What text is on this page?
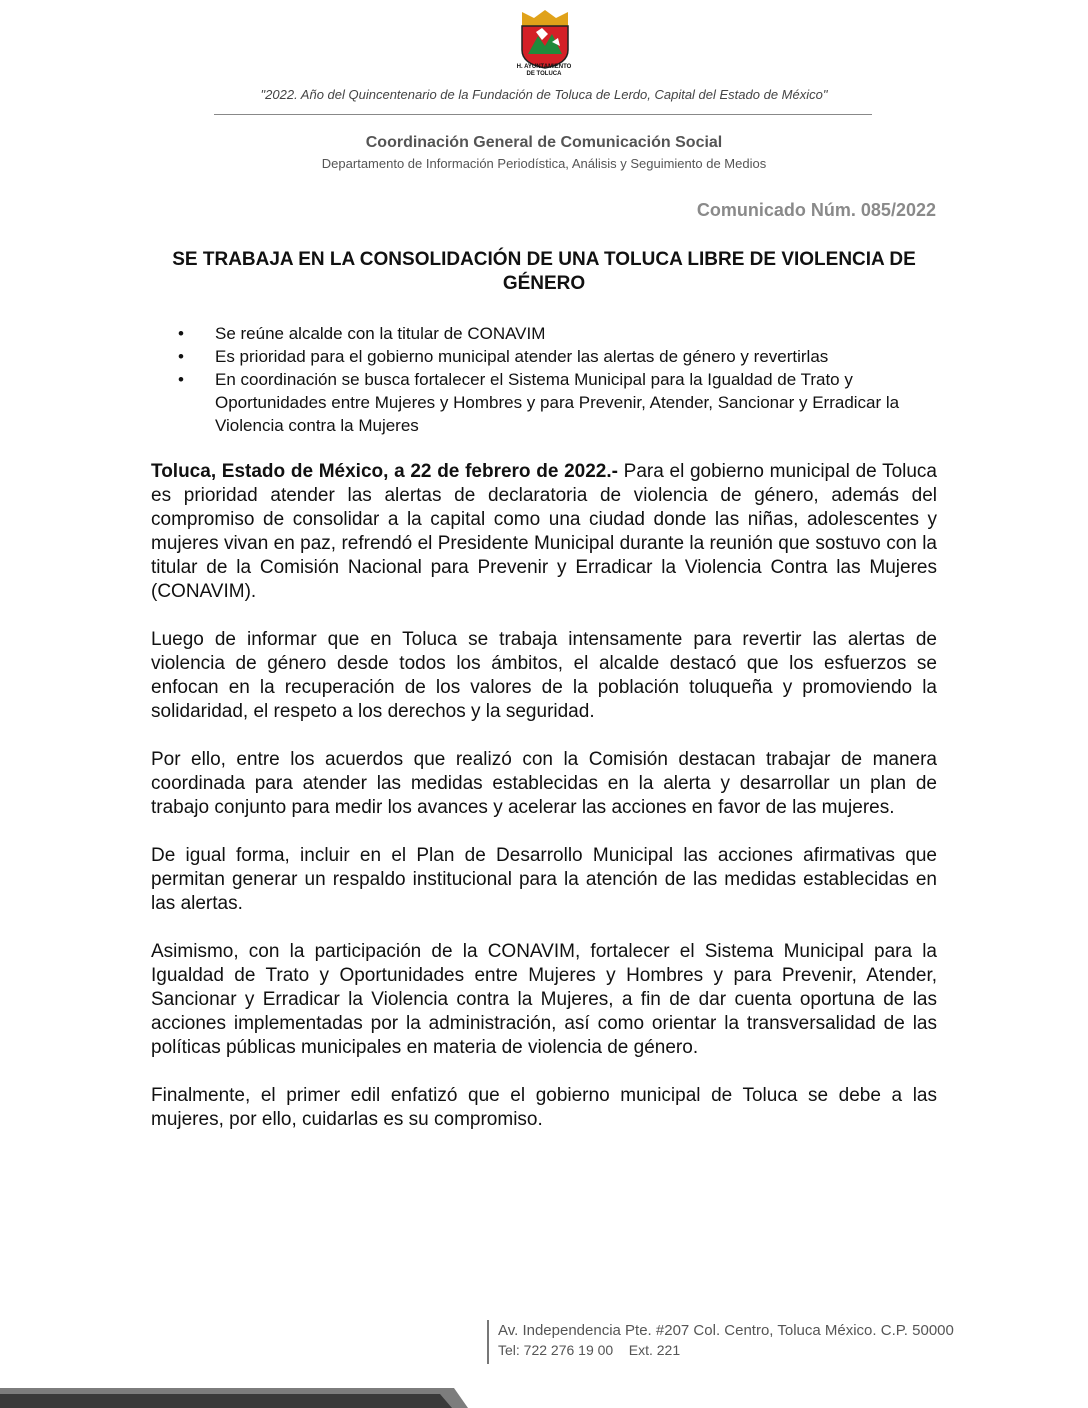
H. AYUNTAMIENTO
DE TOLUCA
"2022. Año del Quincentenario de la Fundación de Toluca de Lerdo, Capital del Estado de México"
Coordinación General de Comunicación Social
Departamento de Información Periodística, Análisis y Seguimiento de Medios
Comunicado Núm. 085/2022
SE TRABAJA EN LA CONSOLIDACIÓN DE UNA TOLUCA LIBRE DE VIOLENCIA DE GÉNERO
• Se reúne alcalde con la titular de CONAVIM
• Es prioridad para el gobierno municipal atender las alertas de género y revertirlas
• En coordinación se busca fortalecer el Sistema Municipal para la Igualdad de Trato y Oportunidades entre Mujeres y Hombres y para Prevenir, Atender, Sancionar y Erradicar la Violencia contra la Mujeres

Toluca, Estado de México, a 22 de febrero de 2022.- Para el gobierno municipal de Toluca es prioridad atender las alertas de declaratoria de violencia de género, además del compromiso de consolidar a la capital como una ciudad donde las niñas, adolescentes y mujeres vivan en paz, refrendó el Presidente Municipal durante la reunión que sostuvo con la titular de la Comisión Nacional para Prevenir y Erradicar la Violencia Contra las Mujeres (CONAVIM).

Luego de informar que en Toluca se trabaja intensamente para revertir las alertas de violencia de género desde todos los ámbitos, el alcalde destacó que los esfuerzos se enfocan en la recuperación de los valores de la población toluqueña y promoviendo la solidaridad, el respeto a los derechos y la seguridad.

Por ello, entre los acuerdos que realizó con la Comisión destacan trabajar de manera coordinada para atender las medidas establecidas en la alerta y desarrollar un plan de trabajo conjunto para medir los avances y acelerar las acciones en favor de las mujeres.

De igual forma, incluir en el Plan de Desarrollo Municipal las acciones afirmativas que permitan generar un respaldo institucional para la atención de las medidas establecidas en las alertas.

Asimismo, con la participación de la CONAVIM, fortalecer el Sistema Municipal para la Igualdad de Trato y Oportunidades entre Mujeres y Hombres y para Prevenir, Atender, Sancionar y Erradicar la Violencia contra la Mujeres, a fin de dar cuenta oportuna de las acciones implementadas por la administración, así como orientar la transversalidad de las políticas públicas municipales en materia de violencia de género.

Finalmente, el primer edil enfatizó que el gobierno municipal de Toluca se debe a las mujeres, por ello, cuidarlas es su compromiso.

Av. Independencia Pte. #207 Col. Centro, Toluca México. C.P. 50000
Tel: 722 276 19 00    Ext. 221
